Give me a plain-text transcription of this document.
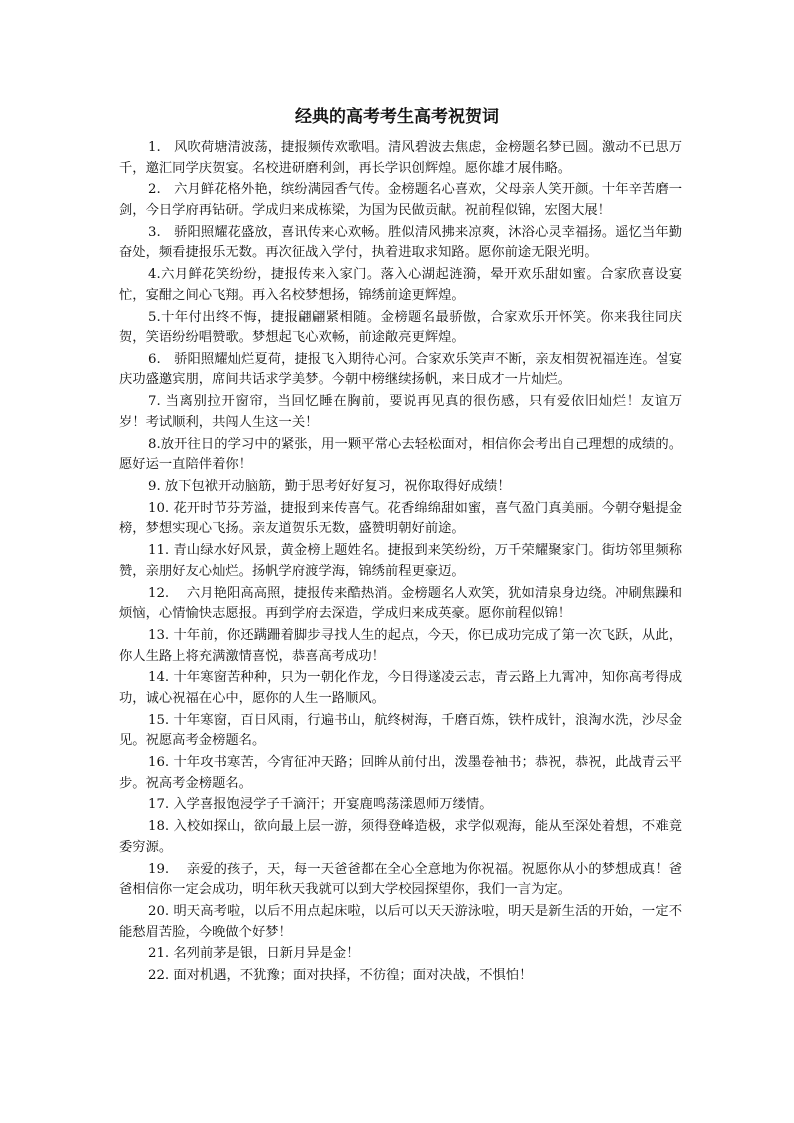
经典的高考考生高考祝贺词

1.　风吹荷塘清波荡，捷报频传欢歌唱。清风碧波去焦虑，金榜题名梦已圆。激动不已思万千，邀汇同学庆贺宴。名校进研磨利剑，再长学识创辉煌。愿你雄才展伟略。

2.　六月鲜花格外艳，缤纷满园香气传。金榜题名心喜欢，父母亲人笑开颜。十年辛苦磨一剑，今日学府再钻研。学成归来成栋梁，为国为民做贡献。祝前程似锦，宏图大展！

3.　骄阳照耀花盛放，喜讯传来心欢畅。胜似清风拂来凉爽，沐浴心灵幸福扬。遥忆当年勤奋处，频看捷报乐无数。再次征战入学付，执着进取求知路。愿你前途无限光明。

4.六月鲜花笑纷纷，捷报传来入家门。落入心湖起涟漪，晕开欢乐甜如蜜。合家欣喜设宴忙，宴酣之间心飞翔。再入名校梦想扬，锦绣前途更辉煌。

5.十年付出终不悔，捷报翩翩紧相随。金榜题名最骄傲，合家欢乐开怀笑。你来我往同庆贺，笑语纷纷唱赞歌。梦想起飞心欢畅，前途敞亮更辉煌。

6.　骄阳照耀灿烂夏荷，捷报飞入期待心河。合家欢乐笑声不断，亲友相贺祝福连连。설宴庆功盛邀宾朋，席间共话求学美梦。今朝中榜继续扬帆，来日成才一片灿烂。

7. 当离别拉开窗帘，当回忆睡在胸前，要说再见真的很伤感，只有爱依旧灿烂！友谊万岁！考试顺利，共闯人生这一关！

8.放开往日的学习中的紧张，用一颗平常心去轻松面对，相信你会考出自己理想的成绩的。愿好运一直陪伴着你！

9. 放下包袱开动脑筋，勤于思考好好复习，祝你取得好成绩！

10. 花开时节芬芳溢，捷报到来传喜气。花香绵绵甜如蜜，喜气盈门真美丽。今朝夺魁提金榜，梦想实现心飞扬。亲友道贺乐无数，盛赞明朝好前途。

11. 青山绿水好风景，黄金榜上题姓名。捷报到来笑纷纷，万千荣耀聚家门。街坊邻里频称赞，亲朋好友心灿烂。扬帆学府渡学海，锦绣前程更豪迈。

12. 　六月艳阳高高照，捷报传来酷热消。金榜题名人欢笑，犹如清泉身边绕。冲刷焦躁和烦恼，心情愉快志愿报。再到学府去深造，学成归来成英豪。愿你前程似锦！

13. 十年前，你还蹒跚着脚步寻找人生的起点，今天，你已成功完成了第一次飞跃，从此，你人生路上将充满激情喜悦，恭喜高考成功！

14. 十年寒窗苦种种，只为一朝化作龙，今日得遂凌云志，青云路上九霄冲，知你高考得成功，诚心祝福在心中，愿你的人生一路顺风。

15. 十年寒窗，百日风雨，行遍书山，航终树海，千磨百炼，铁杵成针，浪淘水洗，沙尽金见。祝愿高考金榜题名。

16. 十年攻书寒苦，今宵征冲天路；回眸从前付出，泼墨卷袖书；恭祝，恭祝，此战青云平步。祝高考金榜题名。

17. 入学喜报饱浸学子千滴汗；开宴鹿鸣荡漾恩师万缕情。

18. 入校如探山，欲向最上层一游，须得登峰造极，求学似观海，能从至深处着想，不难竟委穷源。

19. 　亲爱的孩子，天，每一天爸爸都在全心全意地为你祝福。祝愿你从小的梦想成真！爸爸相信你一定会成功，明年秋天我就可以到大学校园探望你，我们一言为定。

20. 明天高考啦，以后不用点起床啦，以后可以天天游泳啦，明天是新生活的开始，一定不能愁眉苦脸，今晚做个好梦！

21. 名列前茅是银，日新月异是金！

22. 面对机遇，不犹豫；面对抉择，不彷徨；面对决战，不惧怕！
